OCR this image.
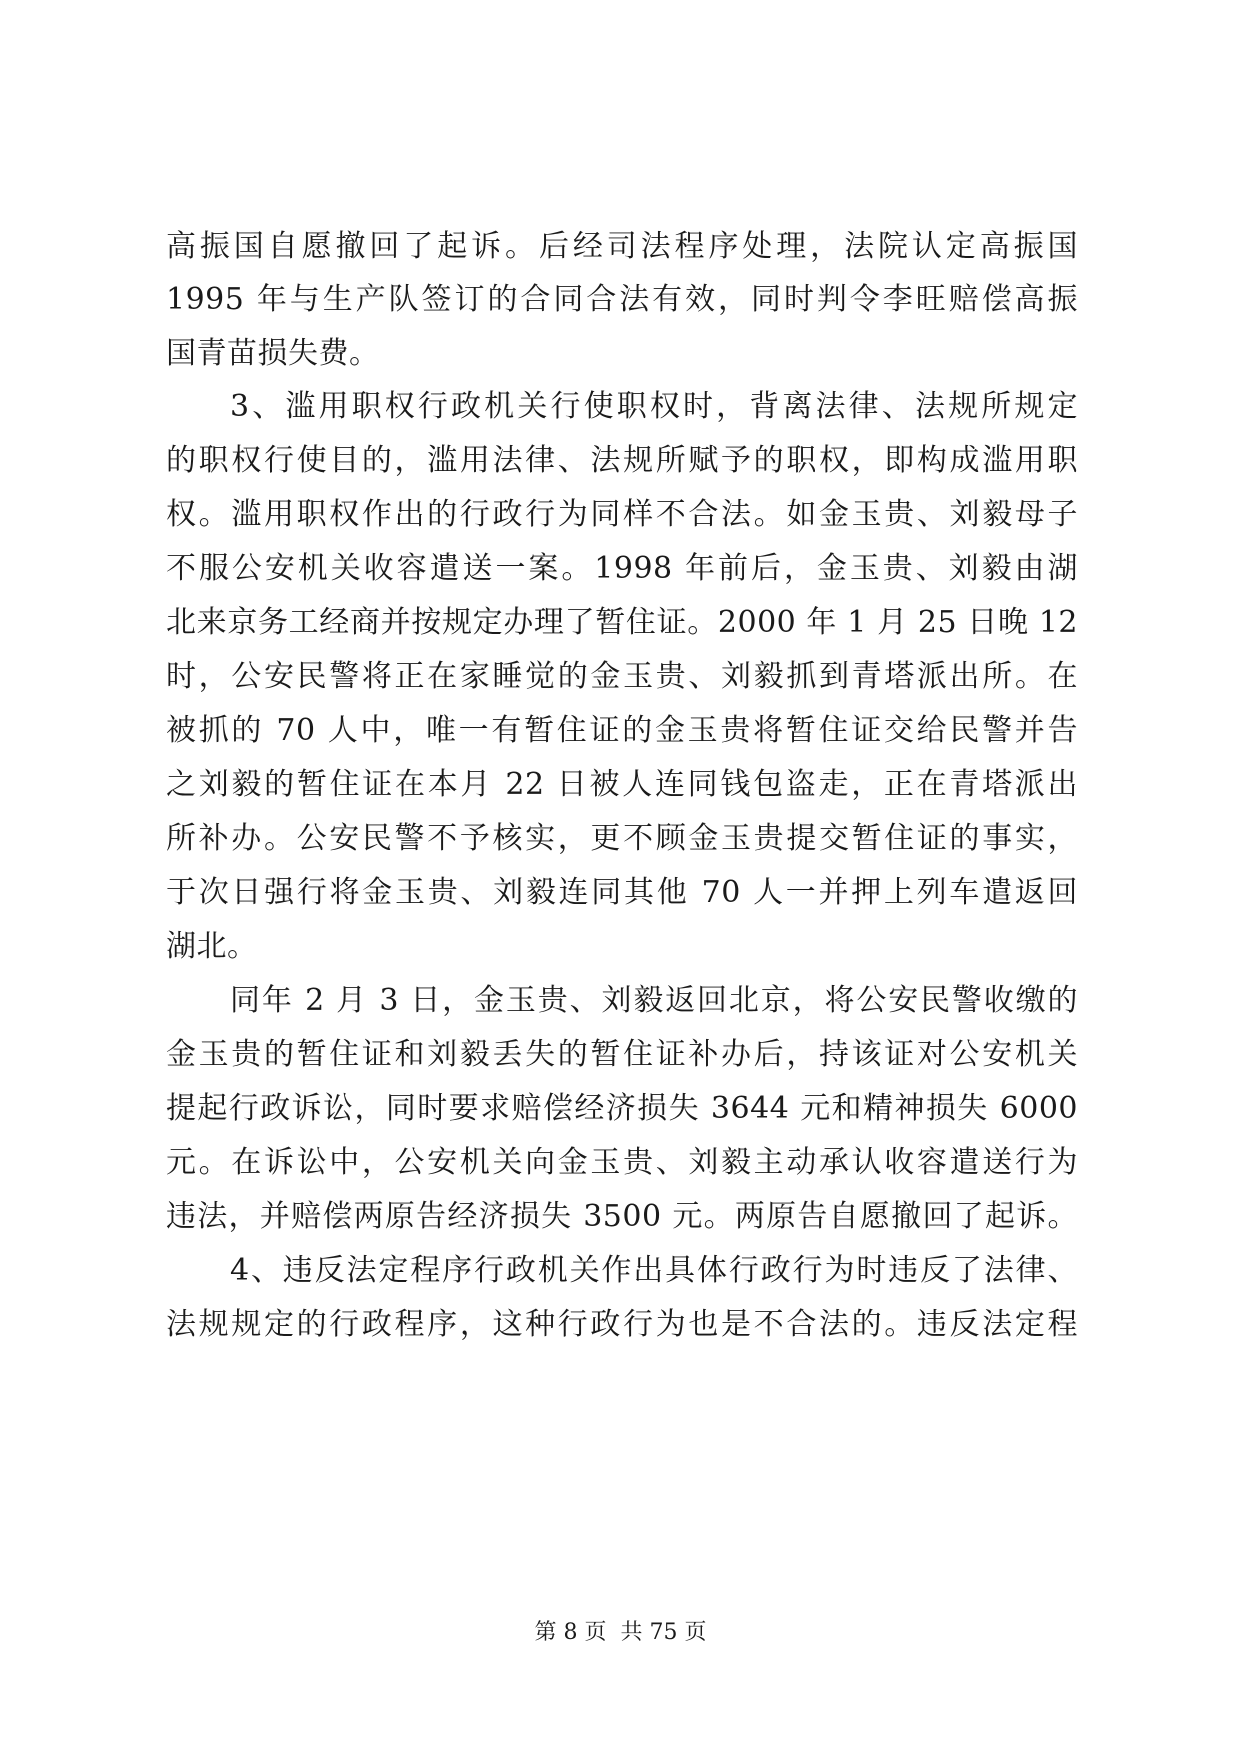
高振国自愿撤回了起诉。后经司法程序处理，法院认定高振国
1995 年与生产队签订的合同合法有效，同时判令李旺赔偿高振
国青苗损失费。
3、滥用职权行政机关行使职权时，背离法律、法规所规定
的职权行使目的，滥用法律、法规所赋予的职权，即构成滥用职
权。滥用职权作出的行政行为同样不合法。如金玉贵、刘毅母子
不服公安机关收容遣送一案。1998 年前后，金玉贵、刘毅由湖
北来京务工经商并按规定办理了暂住证。2000 年 1 月 25 日晚 12
时，公安民警将正在家睡觉的金玉贵、刘毅抓到青塔派出所。在
被抓的 70 人中，唯一有暂住证的金玉贵将暂住证交给民警并告
之刘毅的暂住证在本月 22 日被人连同钱包盗走，正在青塔派出
所补办。公安民警不予核实，更不顾金玉贵提交暂住证的事实，
于次日强行将金玉贵、刘毅连同其他 70 人一并押上列车遣返回
湖北。
同年 2 月 3 日，金玉贵、刘毅返回北京，将公安民警收缴的
金玉贵的暂住证和刘毅丢失的暂住证补办后，持该证对公安机关
提起行政诉讼，同时要求赔偿经济损失 3644 元和精神损失 6000
元。在诉讼中，公安机关向金玉贵、刘毅主动承认收容遣送行为
违法，并赔偿两原告经济损失 3500 元。两原告自愿撤回了起诉。
4、违反法定程序行政机关作出具体行政行为时违反了法律、
法规规定的行政程序，这种行政行为也是不合法的。违反法定程
第 8 页  共 75 页
